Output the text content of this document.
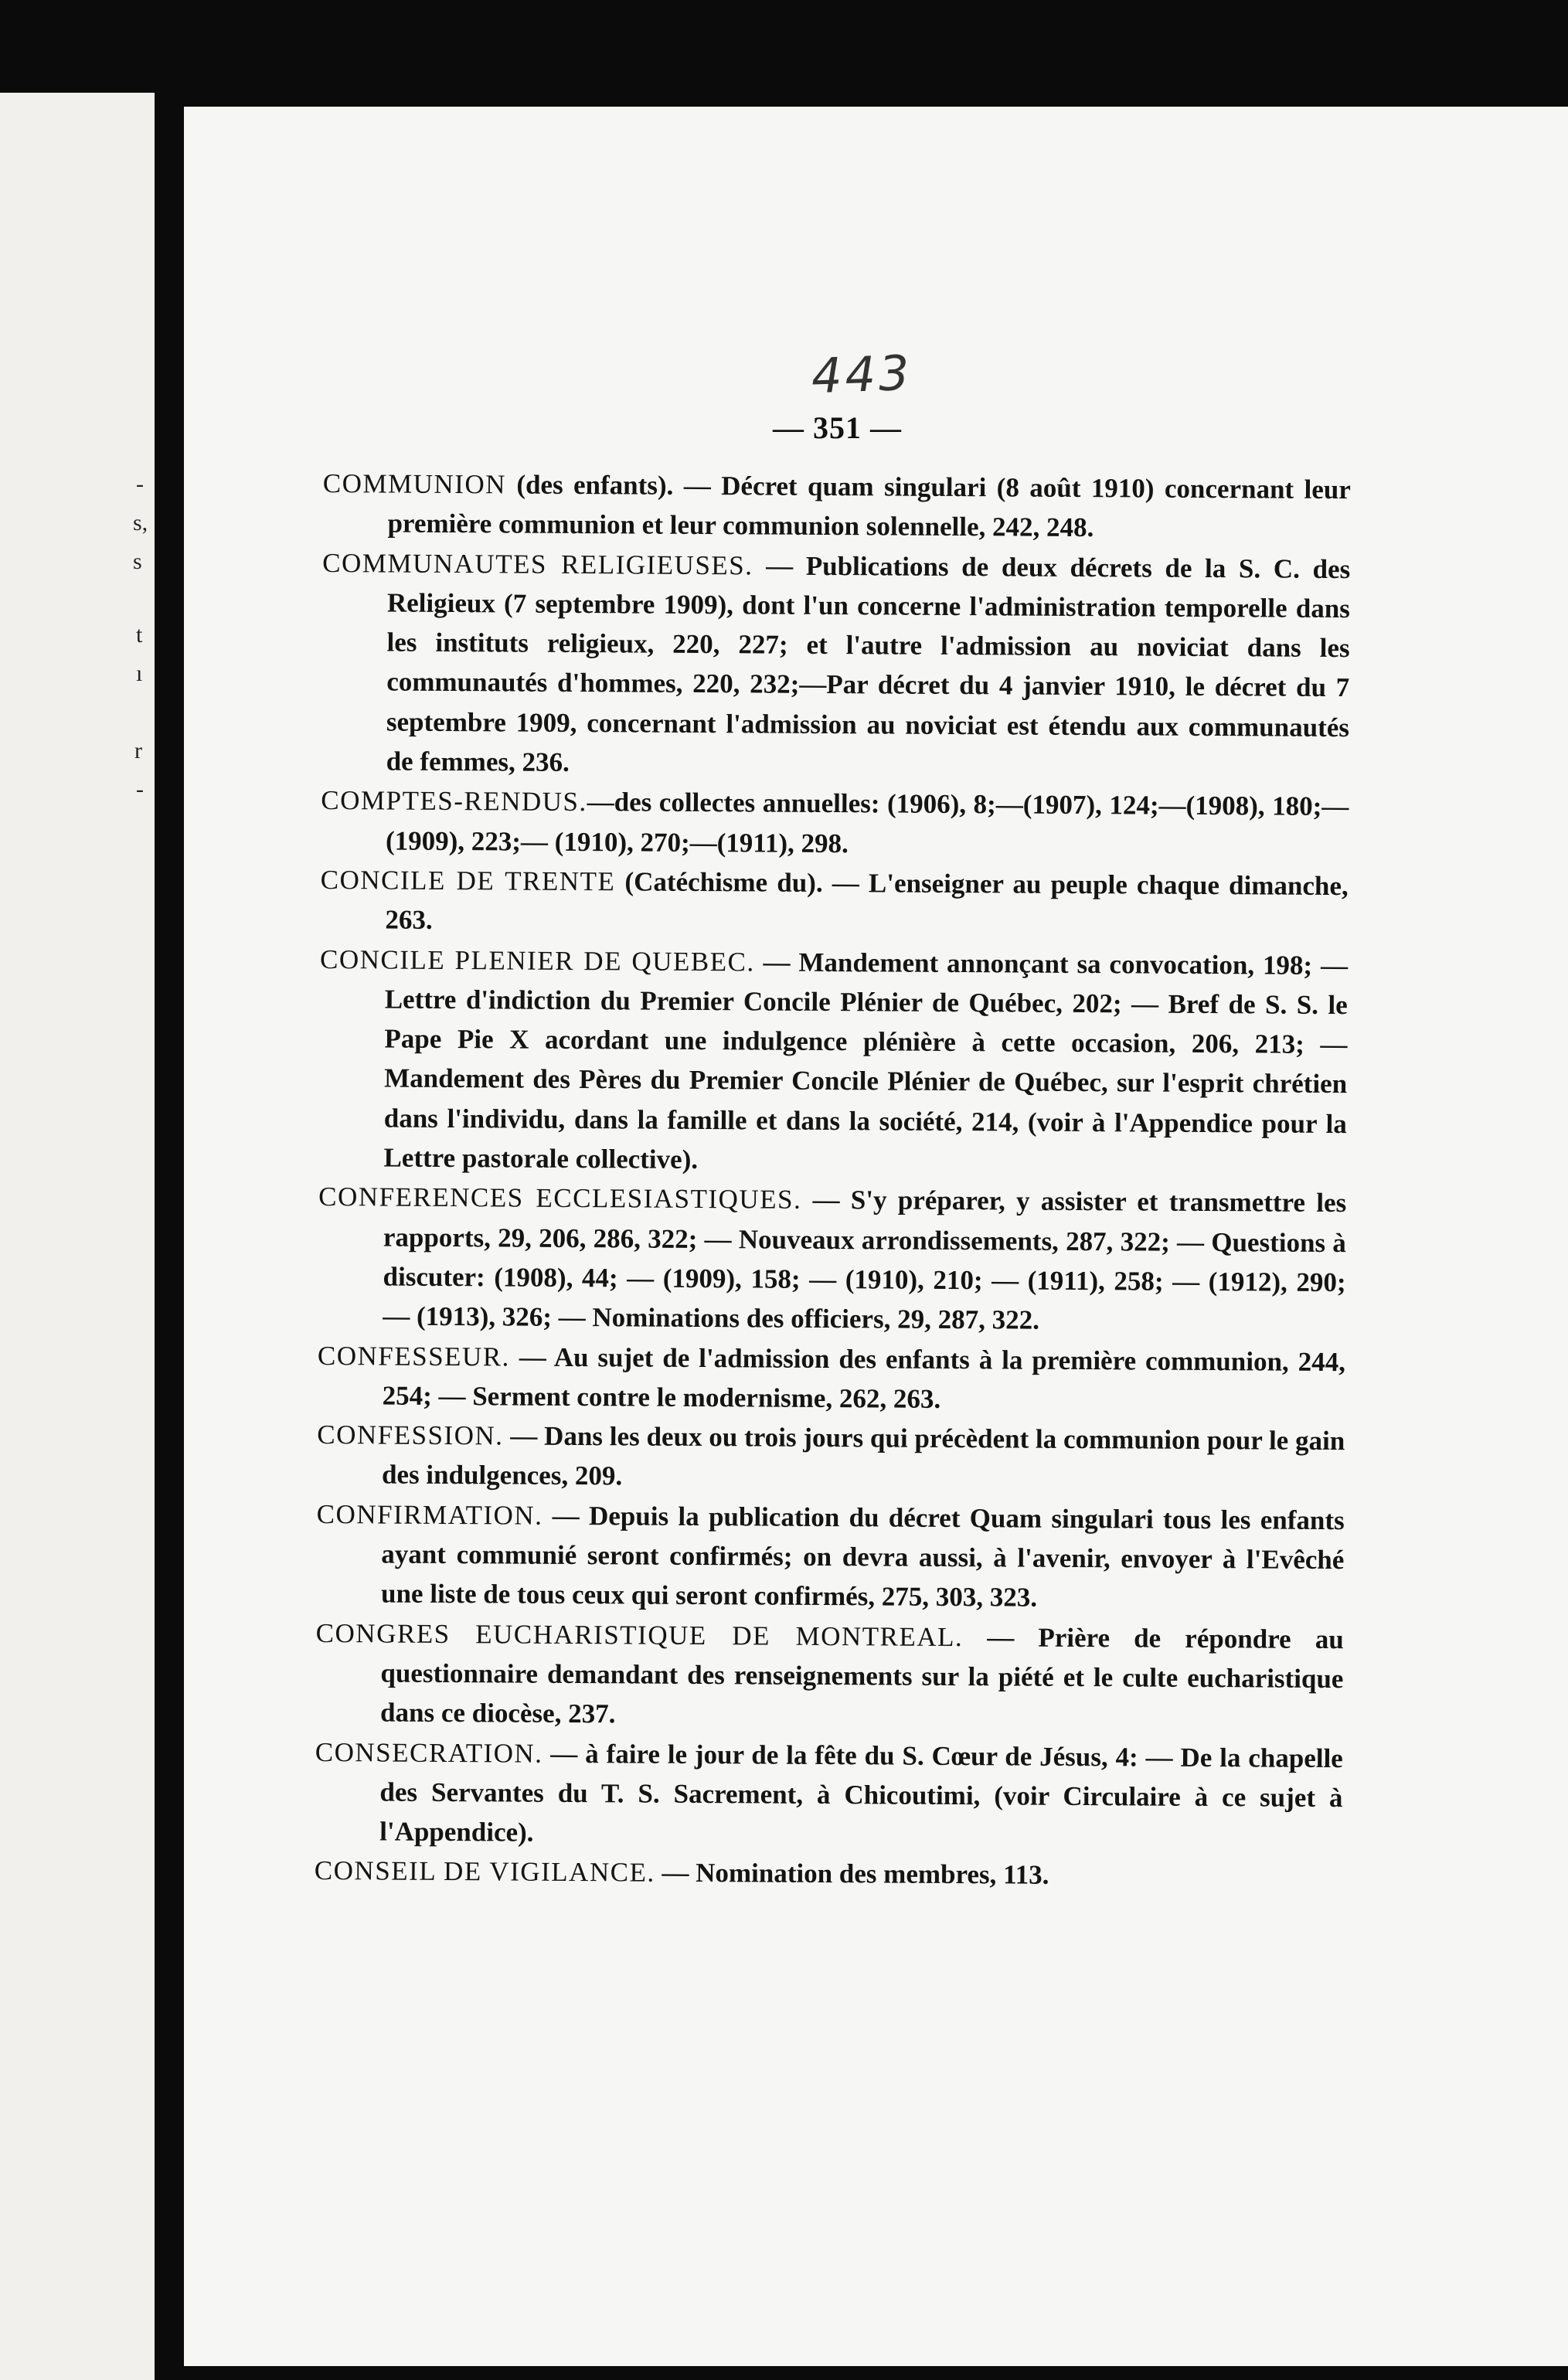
-
s,
s
t
ı
r
-
443
— 351 —

COMMUNION (des enfants). — Décret quam singulari (8 août 1910) concernant leur première communion et leur communion solennelle, 242, 248.

COMMUNAUTES RELIGIEUSES. — Publications de deux décrets de la S. C. des Religieux (7 septembre 1909), dont l'un concerne l'administration temporelle dans les instituts religieux, 220, 227; et l'autre l'admission au noviciat dans les communautés d'hommes, 220, 232;—Par décret du 4 janvier 1910, le décret du 7 septembre 1909, concernant l'admission au noviciat est étendu aux communautés de femmes, 236.

COMPTES-RENDUS.—des collectes annuelles: (1906), 8;—(1907), 124;—(1908), 180;—(1909), 223;— (1910), 270;—(1911), 298.

CONCILE DE TRENTE (Catéchisme du). — L'enseigner au peuple chaque dimanche, 263.

CONCILE PLENIER DE QUEBEC. — Mandement annonçant sa convocation, 198; — Lettre d'indiction du Premier Concile Plénier de Québec, 202; — Bref de S. S. le Pape Pie X acordant une indulgence plénière à cette occasion, 206, 213; — Mandement des Pères du Premier Concile Plénier de Québec, sur l'esprit chrétien dans l'individu, dans la famille et dans la société, 214, (voir à l'Appendice pour la Lettre pastorale collective).

CONFERENCES ECCLESIASTIQUES. — S'y préparer, y assister et transmettre les rapports, 29, 206, 286, 322; — Nouveaux arrondissements, 287, 322; — Questions à discuter: (1908), 44; — (1909), 158; — (1910), 210; — (1911), 258; — (1912), 290; — (1913), 326; — Nominations des officiers, 29, 287, 322.

CONFESSEUR. — Au sujet de l'admission des enfants à la première communion, 244, 254; — Serment contre le modernisme, 262, 263.

CONFESSION. — Dans les deux ou trois jours qui précèdent la communion pour le gain des indulgences, 209.

CONFIRMATION. — Depuis la publication du décret Quam singulari tous les enfants ayant communié seront confirmés; on devra aussi, à l'avenir, envoyer à l'Evêché une liste de tous ceux qui seront confirmés, 275, 303, 323.

CONGRES EUCHARISTIQUE DE MONTREAL. — Prière de répondre au questionnaire demandant des renseignements sur la piété et le culte eucharistique dans ce diocèse, 237.

CONSECRATION. — à faire le jour de la fête du S. Cœur de Jésus, 4: — De la chapelle des Servantes du T. S. Sacrement, à Chicoutimi, (voir Circulaire à ce sujet à l'Appendice).

CONSEIL DE VIGILANCE. — Nomination des membres, 113.
